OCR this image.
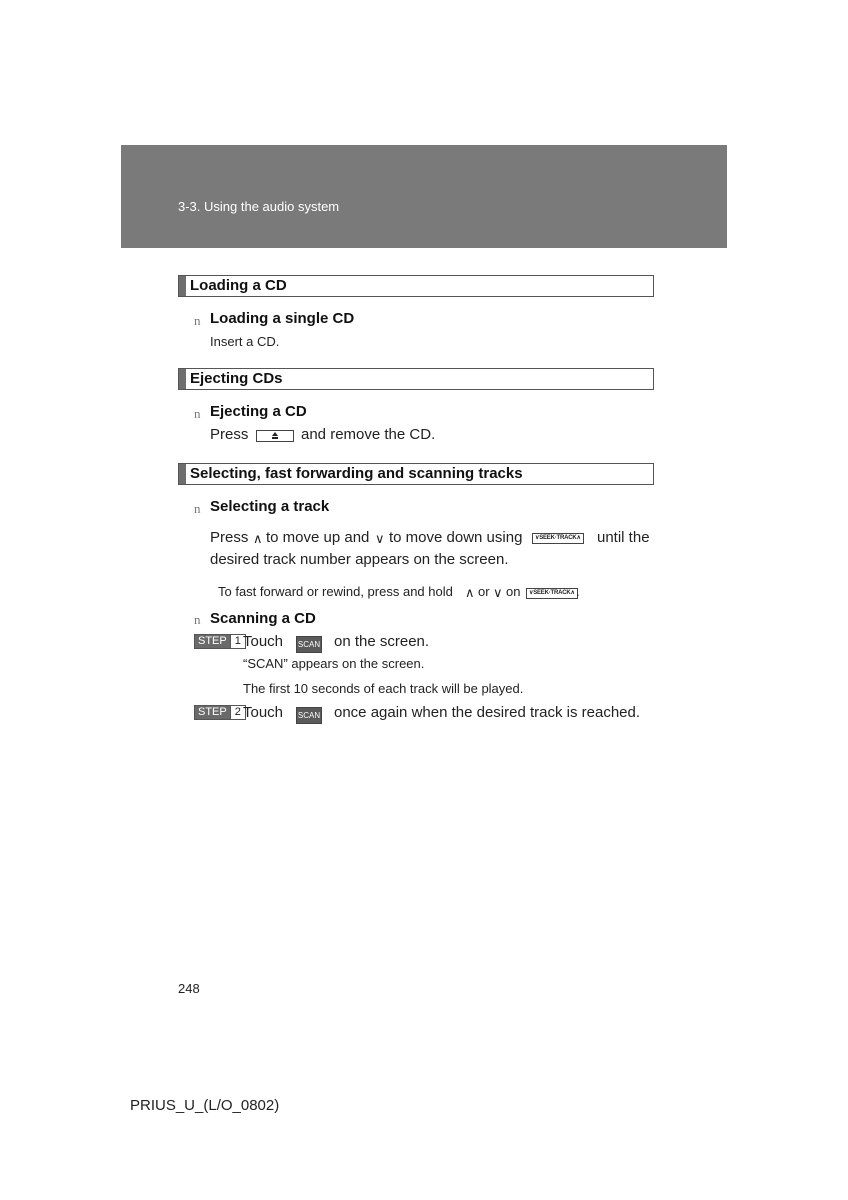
3-3. Using the audio system
Loading a CD
n Loading a single CD
Insert a CD.
Ejecting CDs
n Ejecting a CD
Press	and remove the CD.
Selecting, fast forwarding and scanning tracks
n Selecting a track
Press ∧ to move up and ∨ to move down using	∨SEEK·TRACK∧ until the
desired track number appears on the screen.
To fast forward or rewind, press and hold ∧ or ∨ on	∨SEEK·TRACK∧ .
n Scanning a CD
STEP 1 Touch SCAN on the screen.
“SCAN” appears on the screen.
The first 10 seconds of each track will be played.
STEP 2 Touch SCAN once again when the desired track is reached.
248
PRIUS_U_(L/O_0802)
